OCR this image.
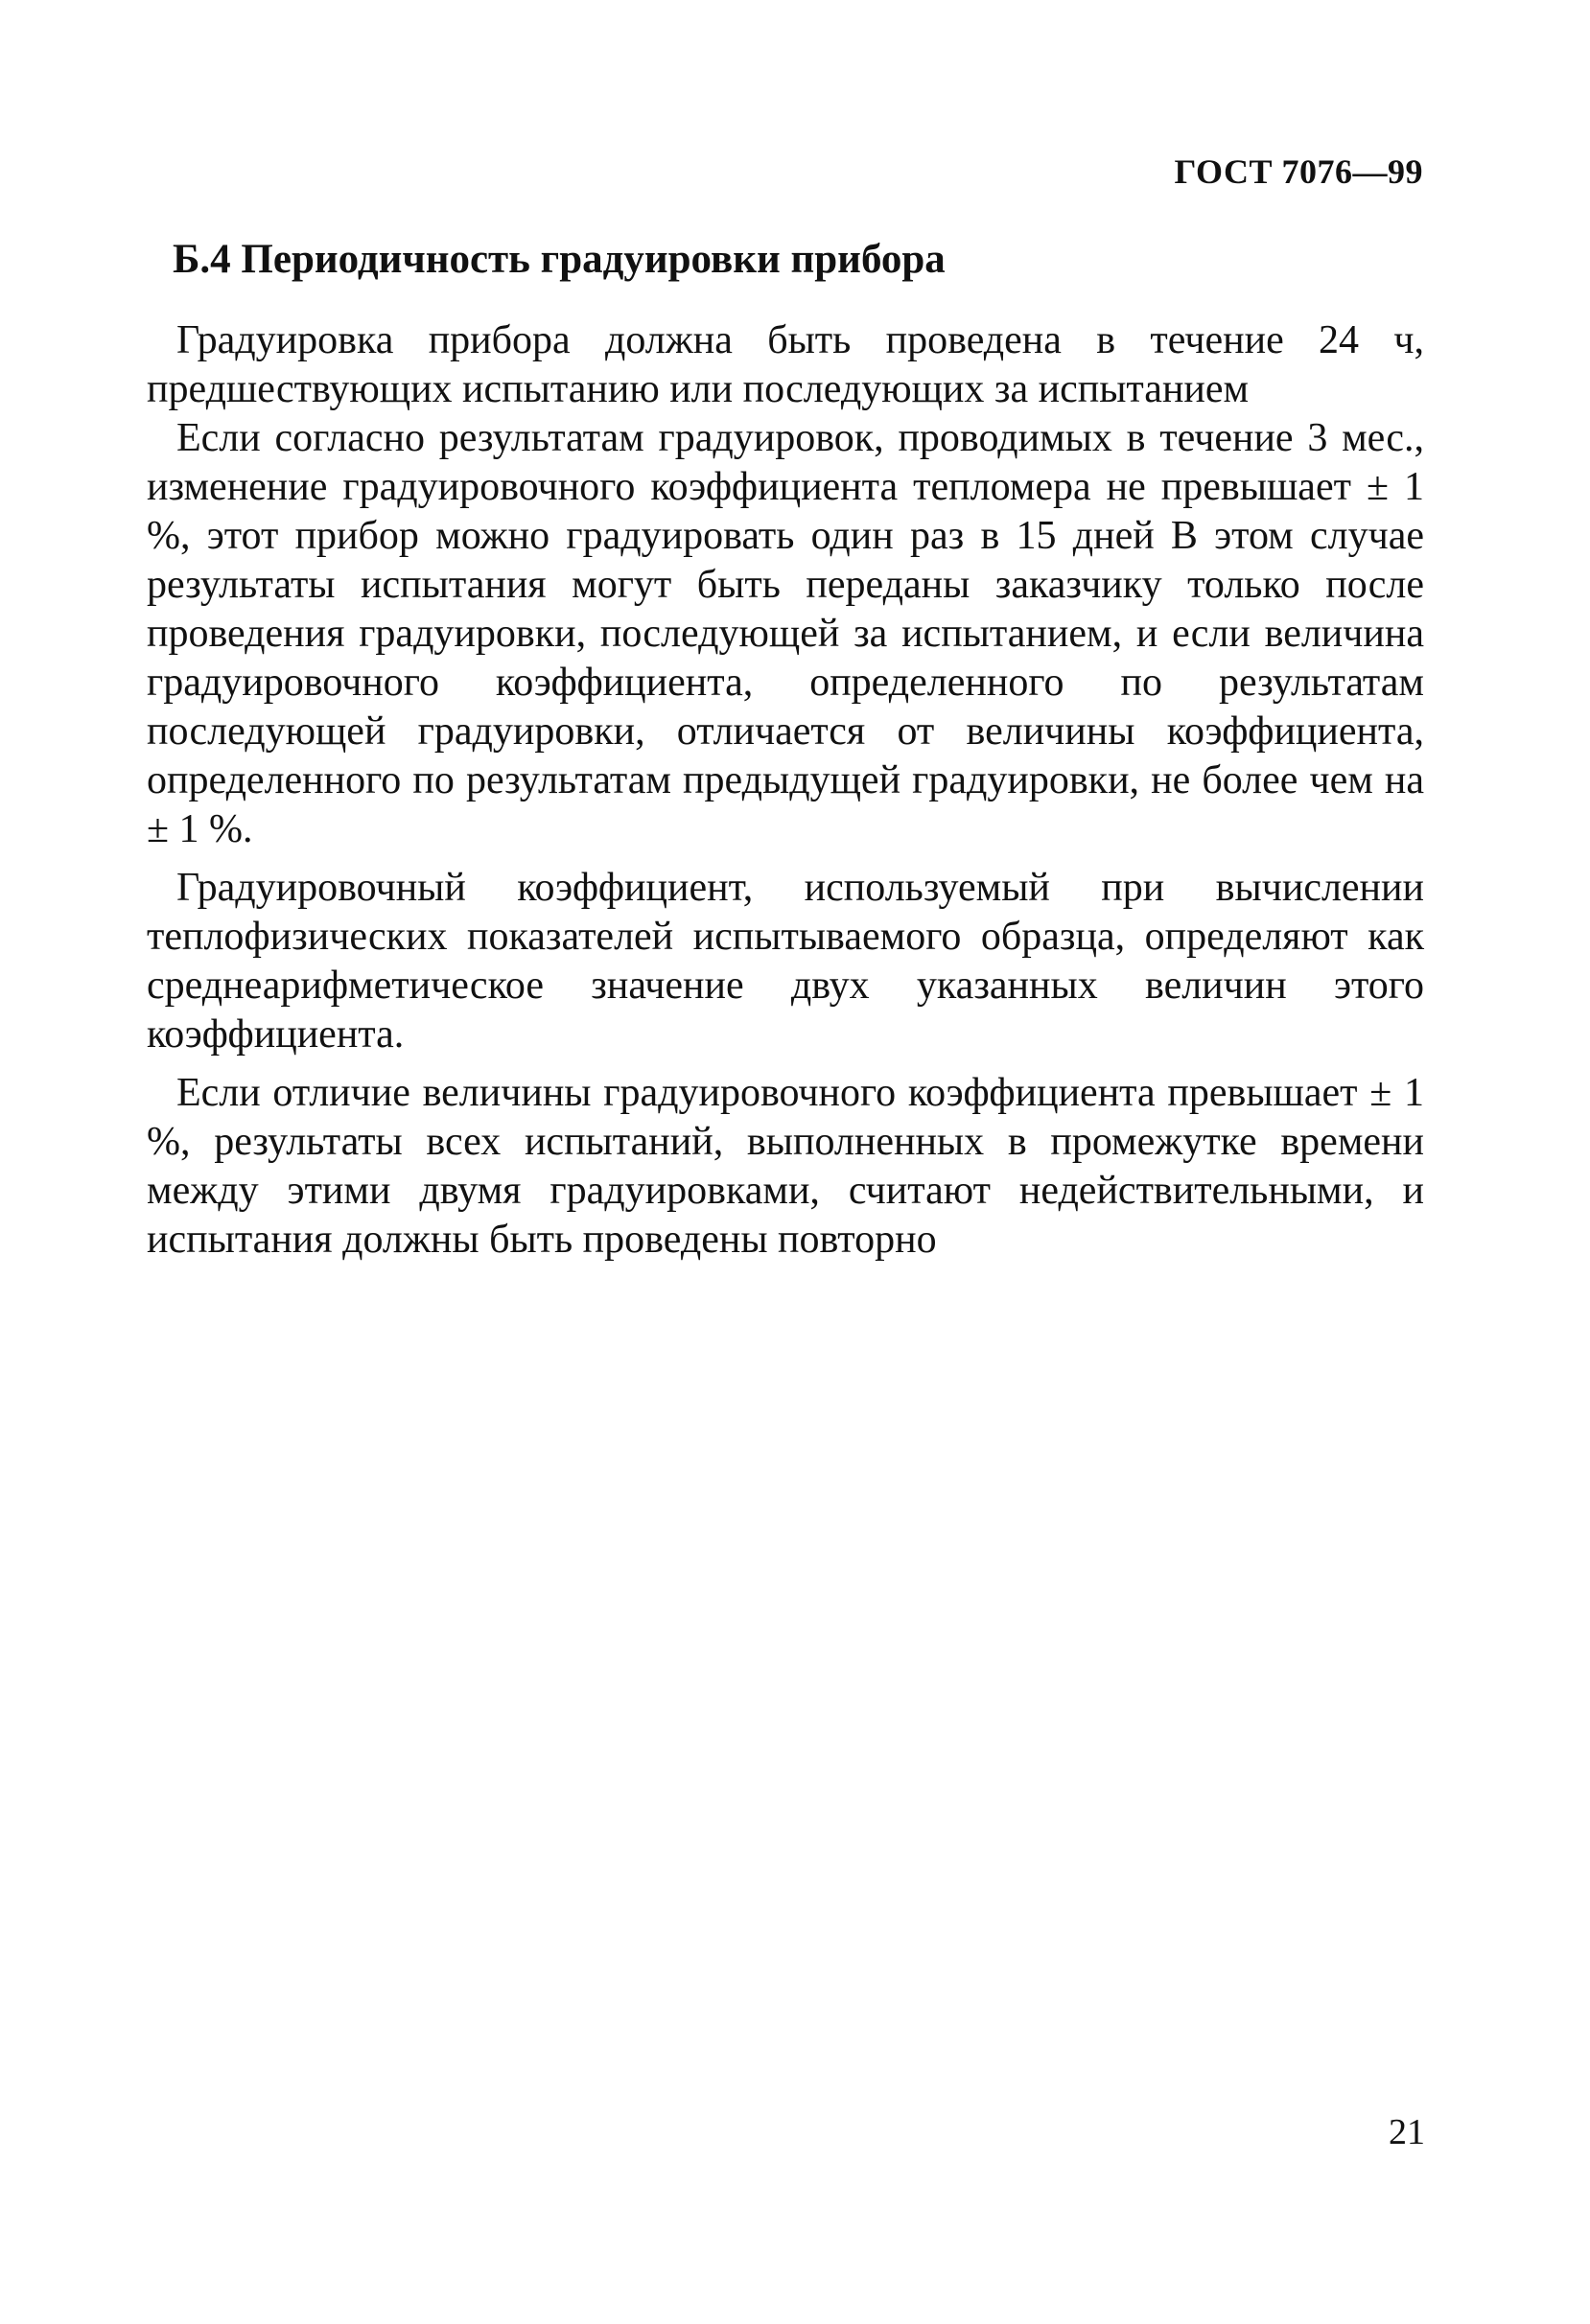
ГОСТ 7076—99
Б.4 Периодичность градуировки прибора

Градуировка прибора должна быть проведена в течение 24 ч, предшествующих испытанию или последующих за испытанием

Если согласно результатам градуировок, проводимых в течение 3 мес., изменение градуировочного коэффициента тепломера не превышает ± 1 %, этот прибор можно градуировать один раз в 15 дней В этом случае результаты испытания могут быть переданы заказчику только после проведения градуировки, последующей за испытанием, и если величина градуировочного коэффициента, определенного по результатам последующей градуировки, отличается от величины коэффициента, определенного по результатам предыдущей градуировки, не более чем на ± 1 %.

Градуировочный коэффициент, используемый при вычислении теплофизических показателей испытываемого образца, определяют как среднеарифметическое значение двух указанных величин этого коэффициента.

Если отличие величины градуировочного коэффициента превышает ± 1 %, результаты всех испытаний, выполненных в промежутке времени между этими двумя градуировками, считают недействительными, и испытания должны быть проведены повторно

21
